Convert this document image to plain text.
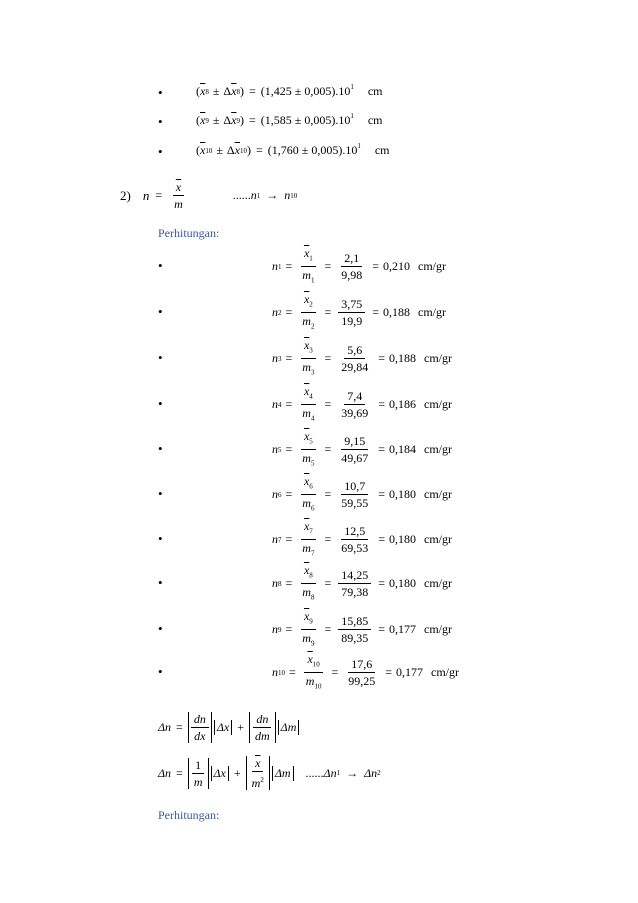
•	( $\overline{x}$ 8 ± Δ $\overline{x}$ 8 ) = $(1,425 \pm 0,005).10^1$ cm
•	( $\overline{x}$ 9 ± Δ $\overline{x}$ 9 ) = $(1,585 \pm 0,005).10^1$ cm
•	( $\overline{x}$ 10 ± Δ $\overline{x}$ 10 ) = $(1,760 \pm 0,005).10^1$ cm
2) $n = \frac{\overline{x}}{m}$	...... n 1 → n 10
Perhitungan:
•	n $1 = \frac{\overline{x}_1}{m_1} = \frac{2,1}{9,98} = 0,210$ cm/gr
•	n $2 = \frac{\overline{x}_2}{m_2} = \frac{3,75}{19,9} = 0,188$ cm/gr
•	n $3 = \frac{\overline{x}_3}{m_3} = \frac{5,6}{29,84} = 0,188$ cm/gr
•	n $4 = \frac{\overline{x}_4}{m_4} = \frac{7,4}{39,69} = 0,186$ cm/gr
•	n $5 = \frac{\overline{x}_5}{m_5} = \frac{9,15}{49,67} = 0,184$ cm/gr
•	n $6 = \frac{\overline{x}_6}{m_6} = \frac{10,7}{59,55} = 0,180$ cm/gr
•	n $7 = \frac{\overline{x}_7}{m_7} = \frac{12,5}{69,53} = 0,180$ cm/gr
•	n $8 = \frac{\overline{x}_8}{m_8} = \frac{14,25}{79,38} = 0,180$ cm/gr
•	n $9 = \frac{\overline{x}_9}{m_9} = \frac{15,85}{89,35} = 0,177$ cm/gr
•	n $10 = \frac{\overline{x}_{10}}{m_{10}} = \frac{17,6}{99,25} = 0,177$ cm/gr
$\Delta n = \frac{dn}{dx}$ $\Delta x + \frac{dn}{dm}$ Δm
$\Delta n = \frac{1}{m}$ $\Delta x + \frac{\overline{x}}{m^2}$ Δm ...... Δn 1 → Δn 2
Perhitungan:
